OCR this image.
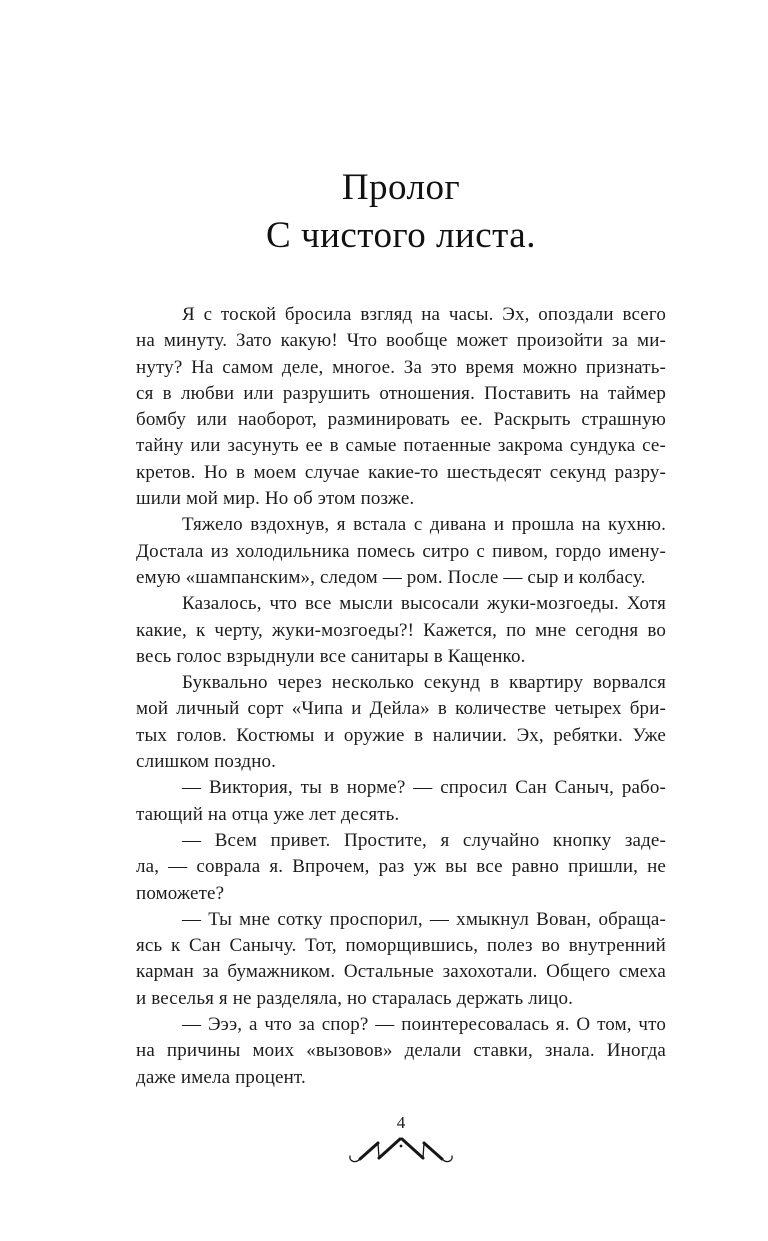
Пролог
С чистого листа.
Я с тоской бросила взгляд на часы. Эх, опоздали всего
на минуту. Зато какую! Что вообще может произойти за ми-
нуту? На самом деле, многое. За это время можно признать-
ся в любви или разрушить отношения. Поставить на таймер
бомбу или наоборот, разминировать ее. Раскрыть страшную
тайну или засунуть ее в самые потаенные закрома сундука се-
кретов. Но в моем случае какие-то шестьдесят секунд разру-
шили мой мир. Но об этом позже.
Тяжело вздохнув, я встала с дивана и прошла на кухню.
Достала из холодильника помесь ситро с пивом, гордо имену-
емую «шампанским», следом — ром. После — сыр и колбасу.
Казалось, что все мысли высосали жуки-мозгоеды. Хотя
какие, к черту, жуки-мозгоеды?! Кажется, по мне сегодня во
весь голос взрыднули все санитары в Кащенко.
Буквально через несколько секунд в квартиру ворвался
мой личный сорт «Чипа и Дейла» в количестве четырех бри-
тых голов. Костюмы и оружие в наличии. Эх, ребятки. Уже
слишком поздно.
— Виктория, ты в норме? — спросил Сан Саныч, рабо-
тающий на отца уже лет десять.
— Всем привет. Простите, я случайно кнопку заде-
ла, — соврала я. Впрочем, раз уж вы все равно пришли, не
поможете?
— Ты мне сотку проспорил, — хмыкнул Вован, обраща-
ясь к Сан Санычу. Тот, поморщившись, полез во внутренний
карман за бумажником. Остальные захохотали. Общего смеха
и веселья я не разделяла, но старалась держать лицо.
— Эээ, а что за спор? — поинтересовалась я. О том, что
на причины моих «вызовов» делали ставки, знала. Иногда
даже имела процент.
4
